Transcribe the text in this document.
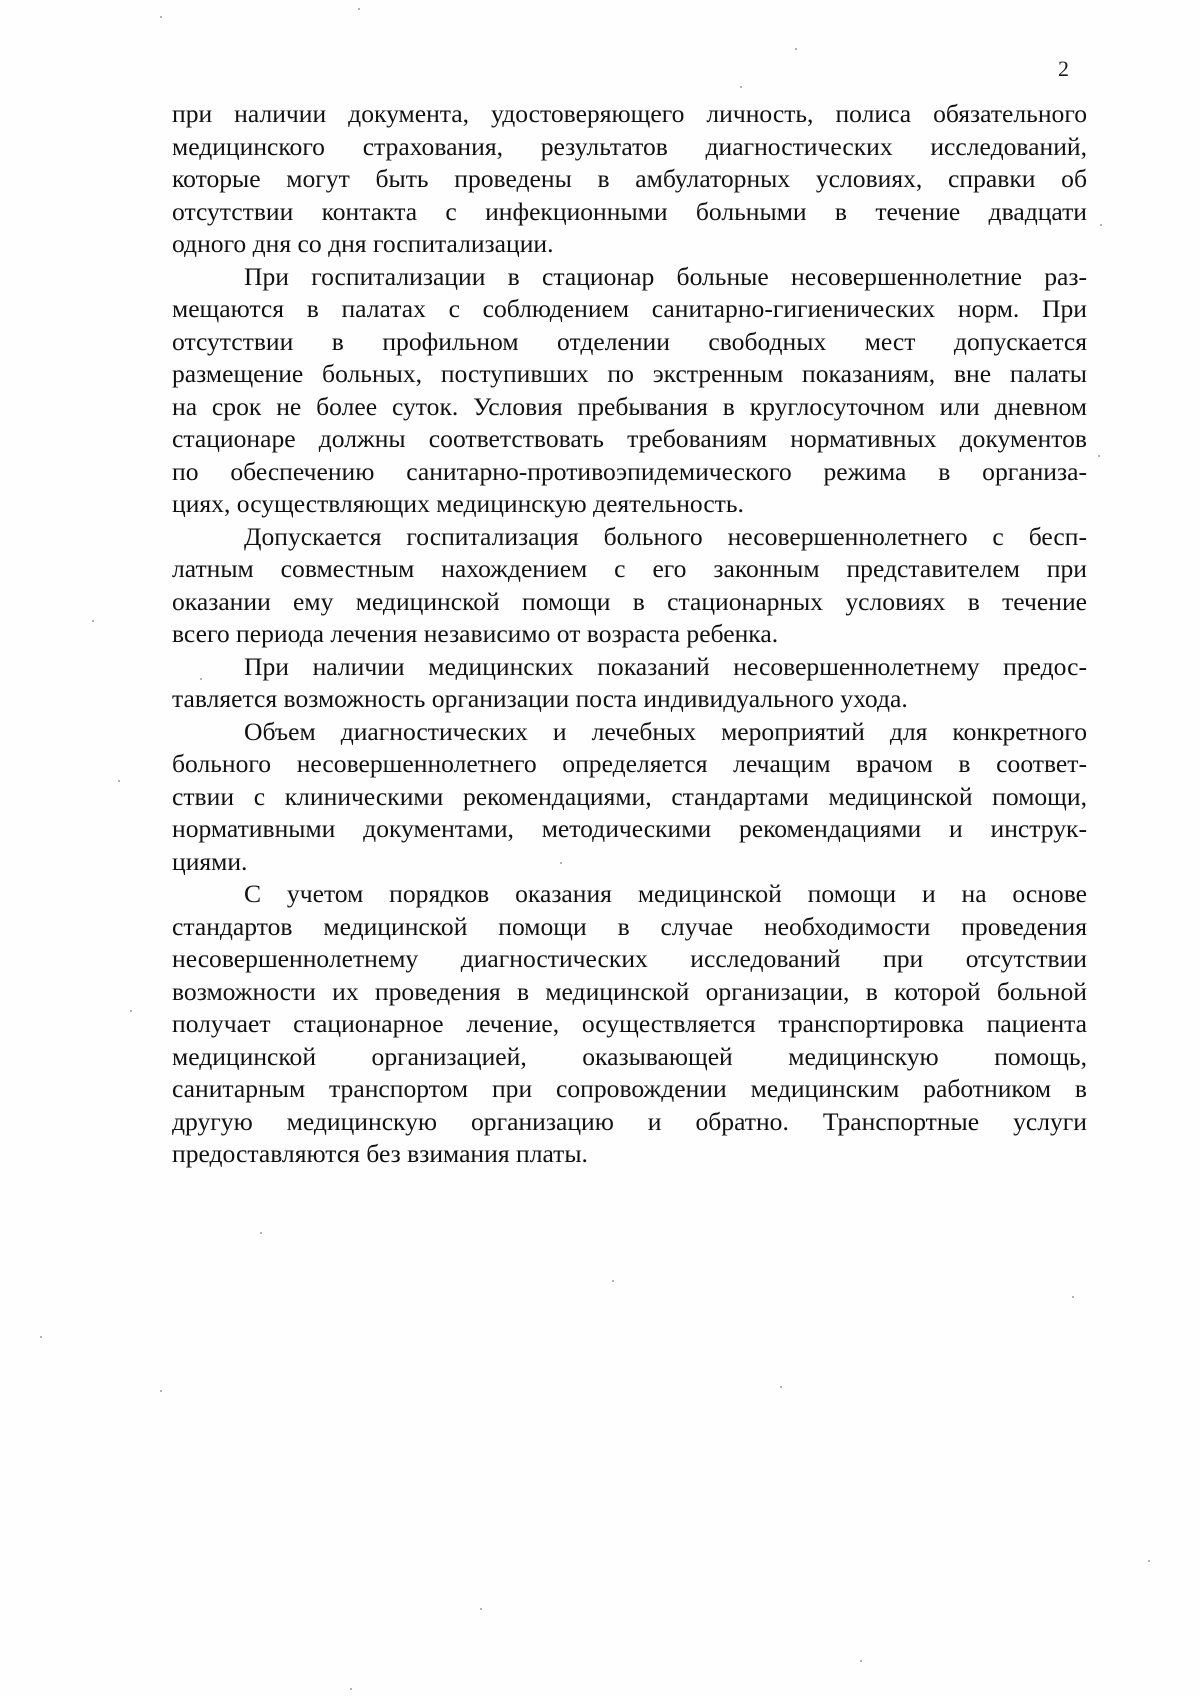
2
при наличии документа, удостоверяющего личность, полиса обязательного
медицинского страхования, результатов диагностических исследований,
которые могут быть проведены в амбулаторных условиях, справки об
отсутствии контакта с инфекционными больными в течение двадцати
одного дня со дня госпитализации.
При госпитализации в стационар больные несовершеннолетние раз-
мещаются в палатах с соблюдением санитарно-гигиенических норм. При
отсутствии в профильном отделении свободных мест допускается
размещение больных, поступивших по экстренным показаниям, вне палаты
на срок не более суток. Условия пребывания в круглосуточном или дневном
стационаре должны соответствовать требованиям нормативных документов
по обеспечению санитарно-противоэпидемического режима в организа-
циях, осуществляющих медицинскую деятельность.
Допускается госпитализация больного несовершеннолетнего с бесп-
латным совместным нахождением с его законным представителем при
оказании ему медицинской помощи в стационарных условиях в течение
всего периода лечения независимо от возраста ребенка.
При наличии медицинских показаний несовершеннолетнему предос-
тавляется возможность организации поста индивидуального ухода.
Объем диагностических и лечебных мероприятий для конкретного
больного несовершеннолетнего определяется лечащим врачом в соответ-
ствии с клиническими рекомендациями, стандартами медицинской помощи,
нормативными документами, методическими рекомендациями и инструк-
циями.
С учетом порядков оказания медицинской помощи и на основе
стандартов медицинской помощи в случае необходимости проведения
несовершеннолетнему диагностических исследований при отсутствии
возможности их проведения в медицинской организации, в которой больной
получает стационарное лечение, осуществляется транспортировка пациента
медицинской организацией, оказывающей медицинскую помощь,
санитарным транспортом при сопровождении медицинским работником в
другую медицинскую организацию и обратно. Транспортные услуги
предоставляются без взимания платы.
